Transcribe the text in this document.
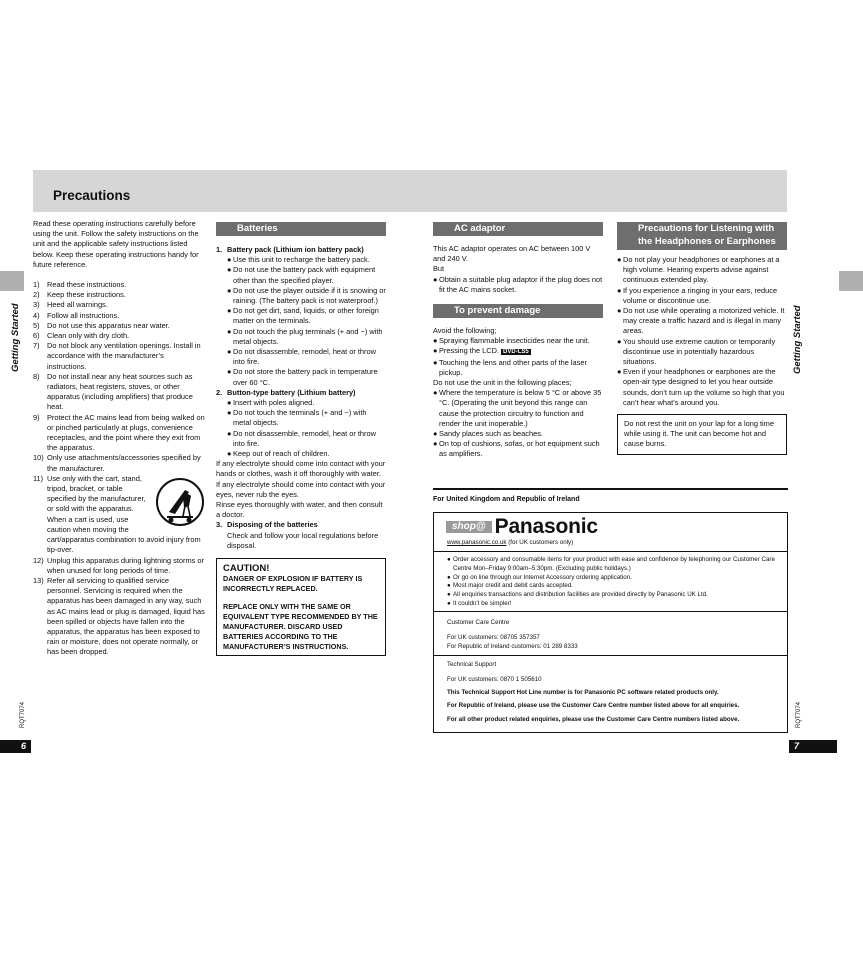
Precautions
Getting Started	Getting Started
RQT7074	RQT7074
6	7

Read these operating instructions carefully before using the unit. Follow the safety instructions on the unit and the applicable safety instructions listed below. Keep these operating instructions handy for future reference.

1)	Read these instructions.
2)	Keep these instructions.
3)	Heed all warnings.
4)	Follow all instructions.
5)	Do not use this apparatus near water.
6)	Clean only with dry cloth.
7)	Do not block any ventilation openings. Install in accordance with the manufacturer’s instructions.
8)	Do not install near any heat sources such as radiators, heat registers, stoves, or other apparatus (including amplifiers) that produce heat.
9)	Protect the AC mains lead from being walked on or pinched particularly at plugs, convenience receptacles, and the point where they exit from the apparatus.
10) Only use attachments/accessories specified by the manufacturer.
11) Use only with the cart, stand, tripod, bracket, or table specified by the manufacturer, or sold with the apparatus. When a cart is used, use caution when moving the cart/apparatus combination to avoid injury from tip-over.
12) Unplug this apparatus during lightning storms or when unused for long periods of time.
13) Refer all servicing to qualified service personnel. Servicing is required when the apparatus has been damaged in any way, such as AC mains lead or plug is damaged, liquid has been spilled or objects have fallen into the apparatus, the apparatus has been exposed to rain or moisture, does not operate normally, or has been dropped.
Batteries
1. Battery pack (Lithium ion battery pack)
● Use this unit to recharge the battery pack.
● Do not use the battery pack with equipment other than the specified player.
● Do not use the player outside if it is snowing or raining. (The battery pack is not waterproof.)
● Do not get dirt, sand, liquids, or other foreign matter on the terminals.
● Do not touch the plug terminals (+ and −) with metal objects.
● Do not disassemble, remodel, heat or throw into fire.
● Do not store the battery pack in temperature over 60 °C.
2. Button-type battery (Lithium battery)
● Insert with poles aligned.
● Do not touch the terminals (+ and −) with metal objects.
● Do not disassemble, remodel, heat or throw into fire.
● Keep out of reach of children.

If any electrolyte should come into contact with your hands or clothes, wash it off thoroughly with water.

If any electrolyte should come into contact with your eyes, never rub the eyes.

Rinse eyes thoroughly with water, and then consult a doctor.

3. Disposing of the batteries

Check and follow your local regulations before disposal.

CAUTION!
DANGER OF EXPLOSION IF BATTERY IS INCORRECTLY REPLACED.
REPLACE ONLY WITH THE SAME OR EQUIVALENT TYPE RECOMMENDED BY THE MANUFACTURER. DISCARD USED BATTERIES ACCORDING TO THE MANUFACTURER’S INSTRUCTIONS.
AC adaptor

This AC adaptor operates on AC between 100 V and 240 V.

But

● Obtain a suitable plug adaptor if the plug does not fit the AC mains socket.
To prevent damage

Avoid the following;

● Spraying flammable insecticides near the unit.
● Pressing the LCD. DVD-LS5
● Touching the lens and other parts of the laser pickup.

Do not use the unit in the following places;

● Where the temperature is below 5 °C or above 35 °C. (Operating the unit beyond this range can cause the protection circuitry to function and render the unit inoperable.)
● Sandy places such as beaches.
● On top of cushions, sofas, or hot equipment such as amplifiers.
Precautions for Listening with the Headphones or Earphones
● Do not play your headphones or earphones at a high volume. Hearing experts advise against continuous extended play.
● If you experience a ringing in your ears, reduce volume or discontinue use.
● Do not use while operating a motorized vehicle. It may create a traffic hazard and is illegal in many areas.
● You should use extreme caution or temporarily discontinue use in potentially hazardous situations.
● Even if your headphones or earphones are the open-air type designed to let you hear outside sounds, don’t turn up the volume so high that you can’t hear what’s around you.

Do not rest the unit on your lap for a long time while using it. The unit can become hot and cause burns.

For United Kingdom and Republic of Ireland
shop@ Panasonic
www.panasonic.co.uk (for UK customers only)
● Order accessory and consumable items for your product with ease and confidence by telephoning our Customer Care Centre Mon–Friday 9:00am–5:30pm. (Excluding public holidays.)
● Or go on line through our Internet Accessory ordering application.
● Most major credit and debit cards accepted.
● All enquiries transactions and distribution facilities are provided directly by Panasonic UK Ltd.
● It couldn’t be simpler!

Customer Care Centre

For UK customers: 08705 357357

For Republic of Ireland customers: 01 289 8333

Technical Support

For UK customers: 0870 1 505610

This Technical Support Hot Line number is for Panasonic PC software related products only.

For Republic of Ireland, please use the Customer Care Centre number listed above for all enquiries.

For all other product related enquiries, please use the Customer Care Centre numbers listed above.
